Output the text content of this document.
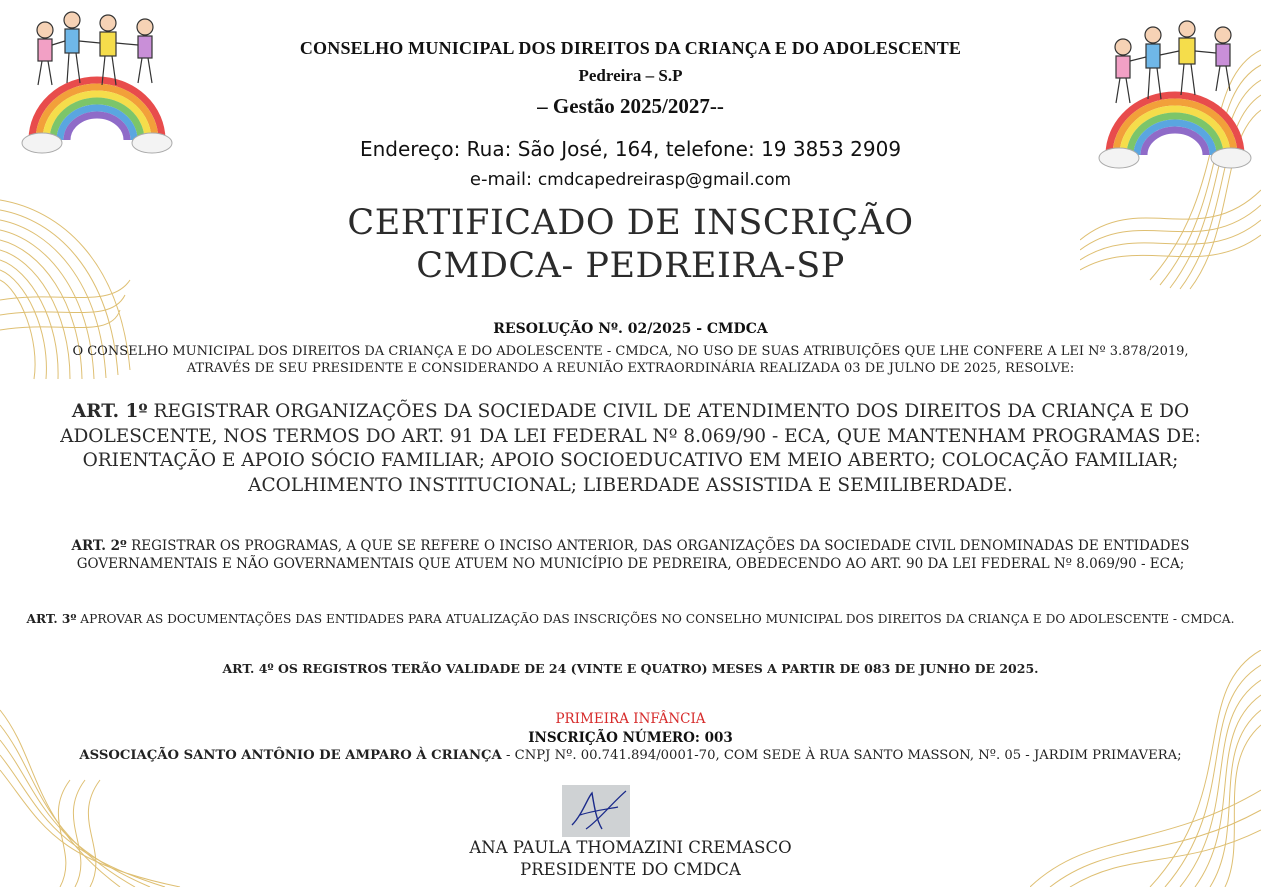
CONSELHO MUNICIPAL DOS DIREITOS DA CRIANÇA E DO ADOLESCENTE
Pedreira – S.P
– Gestão 2025/2027--
Endereço: Rua: São José, 164, telefone: 19 3853 2909
e-mail: cmdcapedreirasp@gmail.com
CERTIFICADO DE INSCRIÇÃO
CMDCA- PEDREIRA-SP
RESOLUÇÃO Nº. 02/2025 - CMDCA
O CONSELHO MUNICIPAL DOS DIREITOS DA CRIANÇA E DO ADOLESCENTE - CMDCA, NO USO DE SUAS ATRIBUIÇÕES QUE LHE CONFERE A LEI Nº 3.878/2019, ATRAVÉS DE SEU PRESIDENTE E CONSIDERANDO A REUNIÃO EXTRAORDINÁRIA REALIZADA 03 DE JULNO DE 2025, RESOLVE:
ART. 1º REGISTRAR ORGANIZAÇÕES DA SOCIEDADE CIVIL DE ATENDIMENTO DOS DIREITOS DA CRIANÇA E DO ADOLESCENTE, NOS TERMOS DO ART. 91 DA LEI FEDERAL Nº 8.069/90 - ECA, QUE MANTENHAM PROGRAMAS DE: ORIENTAÇÃO E APOIO SÓCIO FAMILIAR; APOIO SOCIOEDUCATIVO EM MEIO ABERTO; COLOCAÇÃO FAMILIAR; ACOLHIMENTO INSTITUCIONAL; LIBERDADE ASSISTIDA E SEMILIBERDADE.
ART. 2º REGISTRAR OS PROGRAMAS, A QUE SE REFERE O INCISO ANTERIOR, DAS ORGANIZAÇÕES DA SOCIEDADE CIVIL DENOMINADAS DE ENTIDADES GOVERNAMENTAIS E NÃO GOVERNAMENTAIS QUE ATUEM NO MUNICÍPIO DE PEDREIRA, OBEDECENDO AO ART. 90 DA LEI FEDERAL Nº 8.069/90 - ECA;
ART. 3º APROVAR AS DOCUMENTAÇÕES DAS ENTIDADES PARA ATUALIZAÇÃO DAS INSCRIÇÕES NO CONSELHO MUNICIPAL DOS DIREITOS DA CRIANÇA E DO ADOLESCENTE - CMDCA.
ART. 4º OS REGISTROS TERÃO VALIDADE DE 24 (VINTE E QUATRO) MESES A PARTIR DE 083 DE JUNHO DE 2025.
PRIMEIRA INFÂNCIA
INSCRIÇÃO NÚMERO: 003
ASSOCIAÇÃO SANTO ANTÔNIO DE AMPARO À CRIANÇA - CNPJ Nº. 00.741.894/0001-70, COM SEDE À RUA SANTO MASSON, Nº. 05 - JARDIM PRIMAVERA;
ANA PAULA THOMAZINI CREMASCO
PRESIDENTE DO CMDCA
